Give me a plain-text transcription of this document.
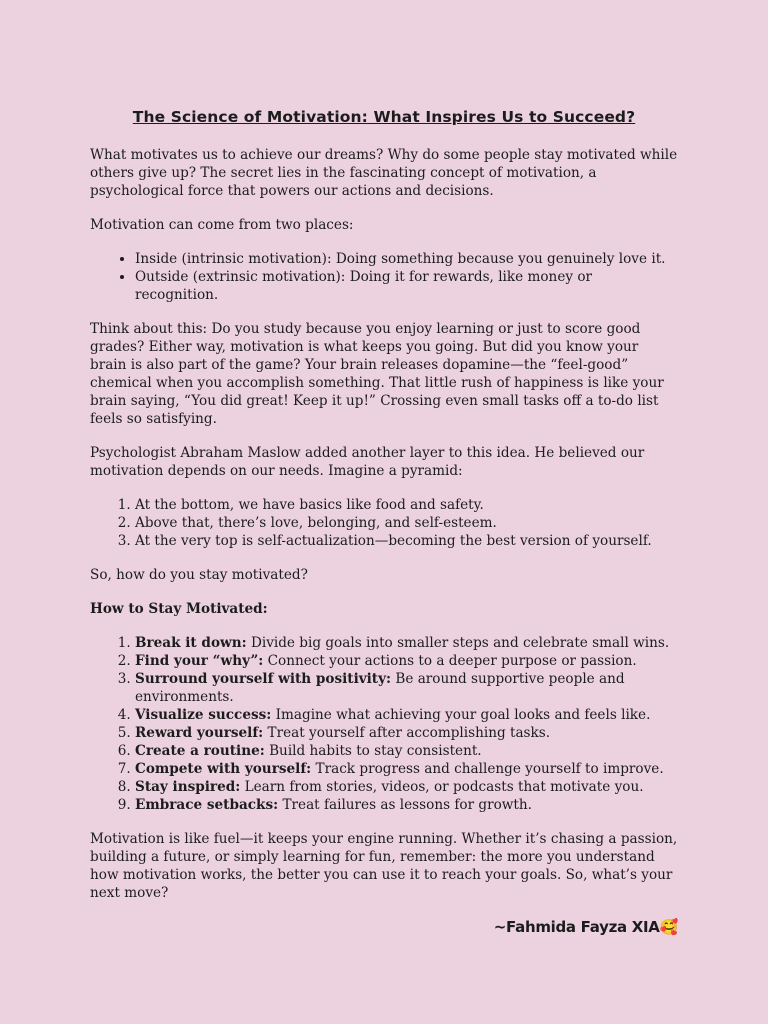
The Science of Motivation: What Inspires Us to Succeed?

What motivates us to achieve our dreams? Why do some people stay motivated while others give up? The secret lies in the fascinating concept of motivation, a psychological force that powers our actions and decisions.

Motivation can come from two places:

• Inside (intrinsic motivation): Doing something because you genuinely love it.
• Outside (extrinsic motivation): Doing it for rewards, like money or recognition.

Think about this: Do you study because you enjoy learning or just to score good grades? Either way, motivation is what keeps you going. But did you know your brain is also part of the game? Your brain releases dopamine—the “feel-good” chemical when you accomplish something. That little rush of happiness is like your brain saying, “You did great! Keep it up!” Crossing even small tasks off a to-do list feels so satisfying.

Psychologist Abraham Maslow added another layer to this idea. He believed our motivation depends on our needs. Imagine a pyramid:

1. At the bottom, we have basics like food and safety.
2. Above that, there’s love, belonging, and self-esteem.
3. At the very top is self-actualization—becoming the best version of yourself.

So, how do you stay motivated?

How to Stay Motivated:

1. Break it down: Divide big goals into smaller steps and celebrate small wins.
2. Find your “why”: Connect your actions to a deeper purpose or passion.
3. Surround yourself with positivity: Be around supportive people and environments.
4. Visualize success: Imagine what achieving your goal looks and feels like.
5. Reward yourself: Treat yourself after accomplishing tasks.
6. Create a routine: Build habits to stay consistent.
7. Compete with yourself: Track progress and challenge yourself to improve.
8. Stay inspired: Learn from stories, videos, or podcasts that motivate you.
9. Embrace setbacks: Treat failures as lessons for growth.

Motivation is like fuel—it keeps your engine running. Whether it’s chasing a passion, building a future, or simply learning for fun, remember: the more you understand how motivation works, the better you can use it to reach your goals. So, what’s your next move?

~Fahmida Fayza XIA🥰
